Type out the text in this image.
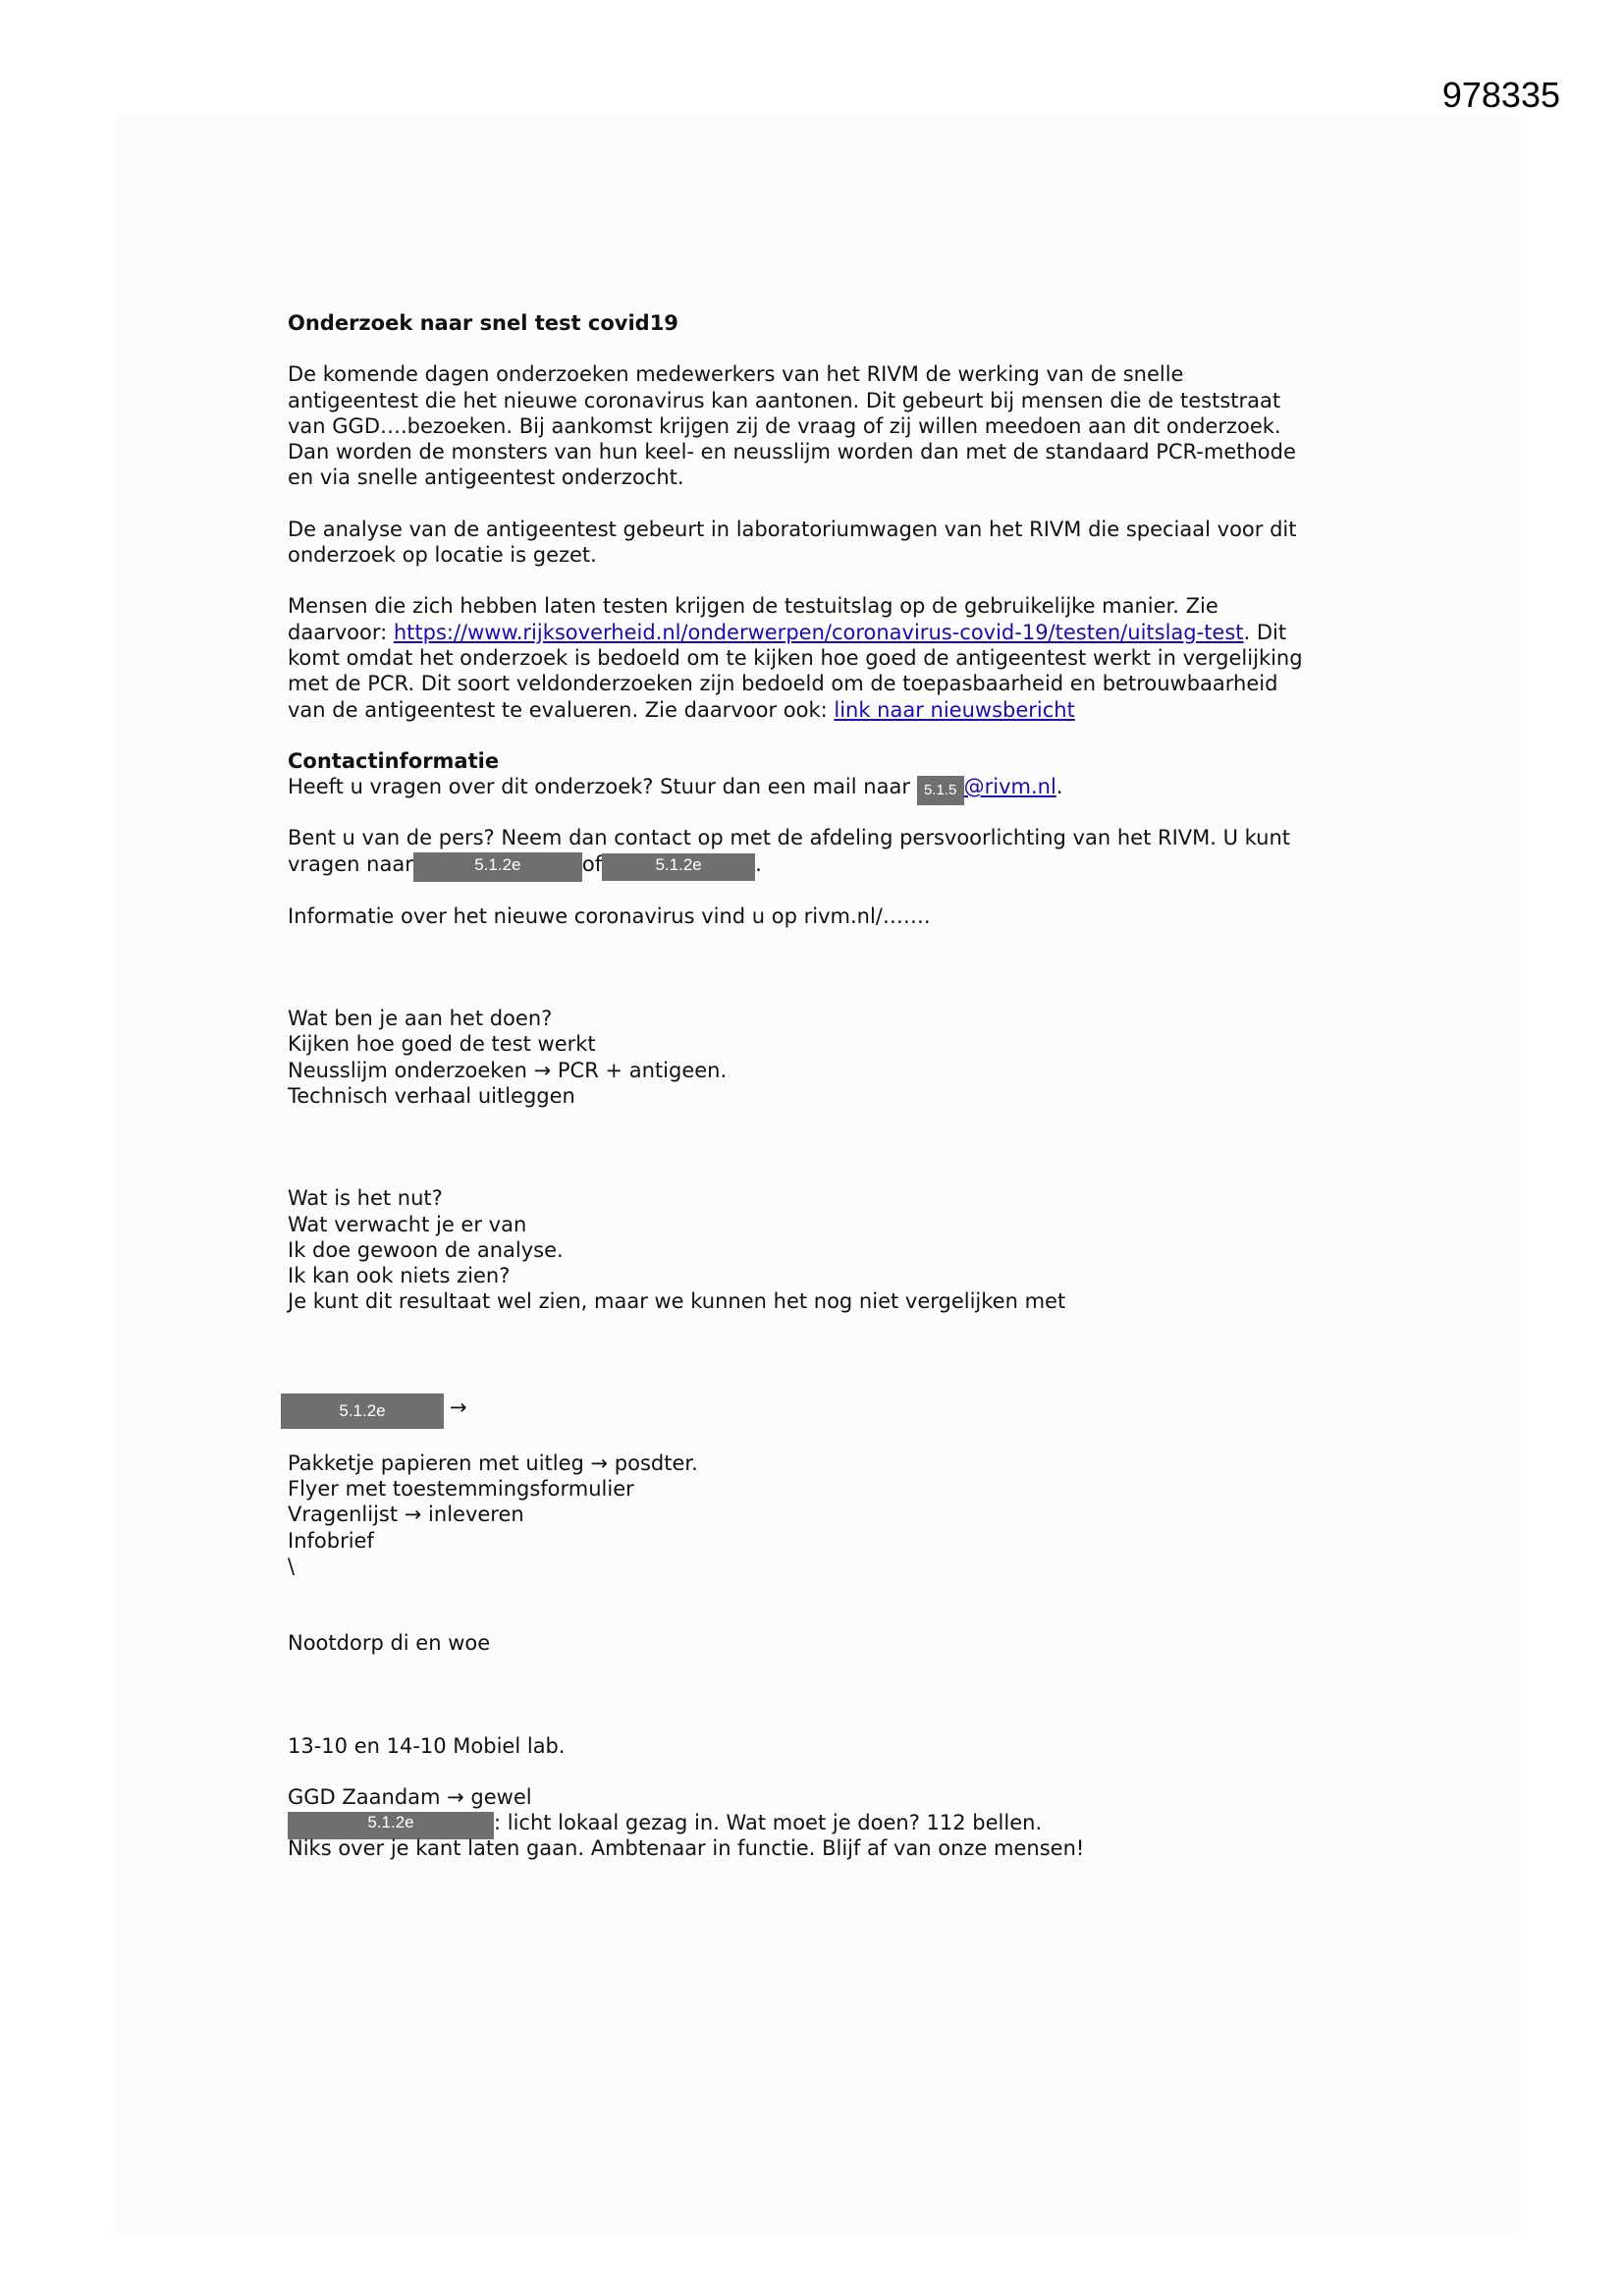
978335

Onderzoek naar snel test covid19

De komende dagen onderzoeken medewerkers van het RIVM de werking van de snelle

antigeentest die het nieuwe coronavirus kan aantonen. Dit gebeurt bij mensen die de teststraat

van GGD….bezoeken. Bij aankomst krijgen zij de vraag of zij willen meedoen aan dit onderzoek.

Dan worden de monsters van hun keel- en neusslijm worden dan met de standaard PCR-methode

en via snelle antigeentest onderzocht.

De analyse van de antigeentest gebeurt in laboratoriumwagen van het RIVM die speciaal voor dit

onderzoek op locatie is gezet.

Mensen die zich hebben laten testen krijgen de testuitslag op de gebruikelijke manier. Zie

daarvoor: https://www.rijksoverheid.nl/onderwerpen/coronavirus-covid-19/testen/uitslag-test. Dit

komt omdat het onderzoek is bedoeld om te kijken hoe goed de antigeentest werkt in vergelijking

met de PCR. Dit soort veldonderzoeken zijn bedoeld om de toepasbaarheid en betrouwbaarheid

van de antigeentest te evalueren. Zie daarvoor ook: link naar nieuwsbericht

Contactinformatie

Heeft u vragen over dit onderzoek? Stuur dan een mail naar 5.1.5 @rivm.nl.

Bent u van de pers? Neem dan contact op met de afdeling persvoorlichting van het RIVM. U kunt

vragen naar	5.1.2e	of	5.1.2e	.

Informatie over het nieuwe coronavirus vind u op rivm.nl/…….

Wat ben je aan het doen?

Kijken hoe goed de test werkt

Neusslijm onderzoeken → PCR + antigeen.

Technisch verhaal uitleggen

Wat is het nut?

Wat verwacht je er van

Ik doe gewoon de analyse.

Ik kan ook niets zien?

Je kunt dit resultaat wel zien, maar we kunnen het nog niet vergelijken met

5.1.2e	→

Pakketje papieren met uitleg → posdter.

Flyer met toestemmingsformulier

Vragenlijst → inleveren

Infobrief

\

Nootdorp di en woe

13-10 en 14-10 Mobiel lab.

GGD Zaandam → gewel

5.1.2e	: licht lokaal gezag in. Wat moet je doen? 112 bellen.

Niks over je kant laten gaan. Ambtenaar in functie. Blijf af van onze mensen!
